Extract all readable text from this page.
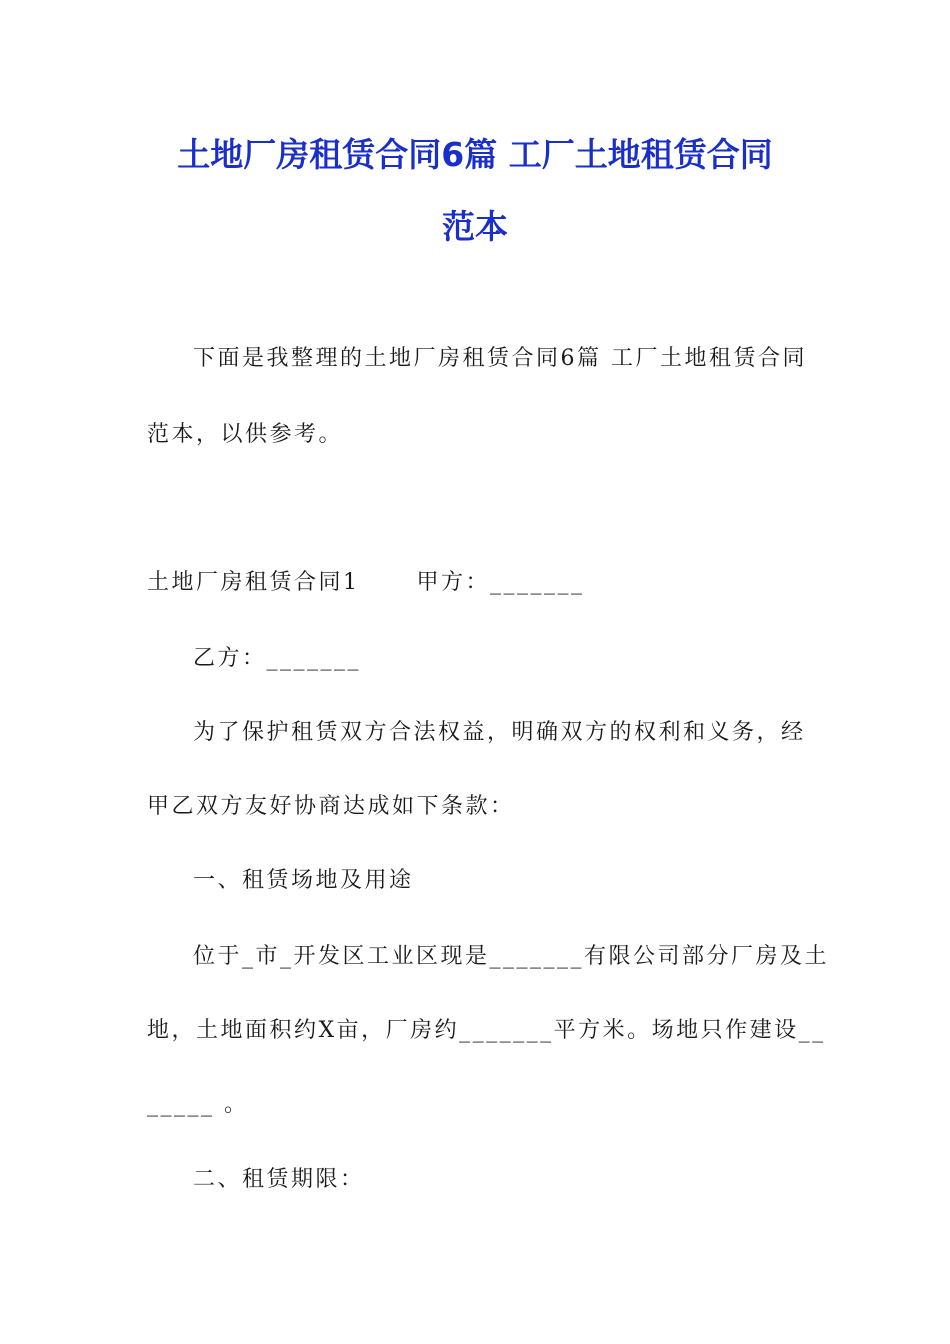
土地厂房租赁合同6篇 工厂土地租赁合同
范本
下面是我整理的土地厂房租赁合同6篇 工厂土地租赁合同
范本，以供参考。
土地厂房租赁合同1      甲方：_______
乙方：_______
为了保护租赁双方合法权益，明确双方的权利和义务，经
甲乙双方友好协商达成如下条款：
一、租赁场地及用途
位于_市_开发区工业区现是_______有限公司部分厂房及土
地，土地面积约X亩，厂房约_______平方米。场地只作建设__
_____ 。
二、租赁期限：
